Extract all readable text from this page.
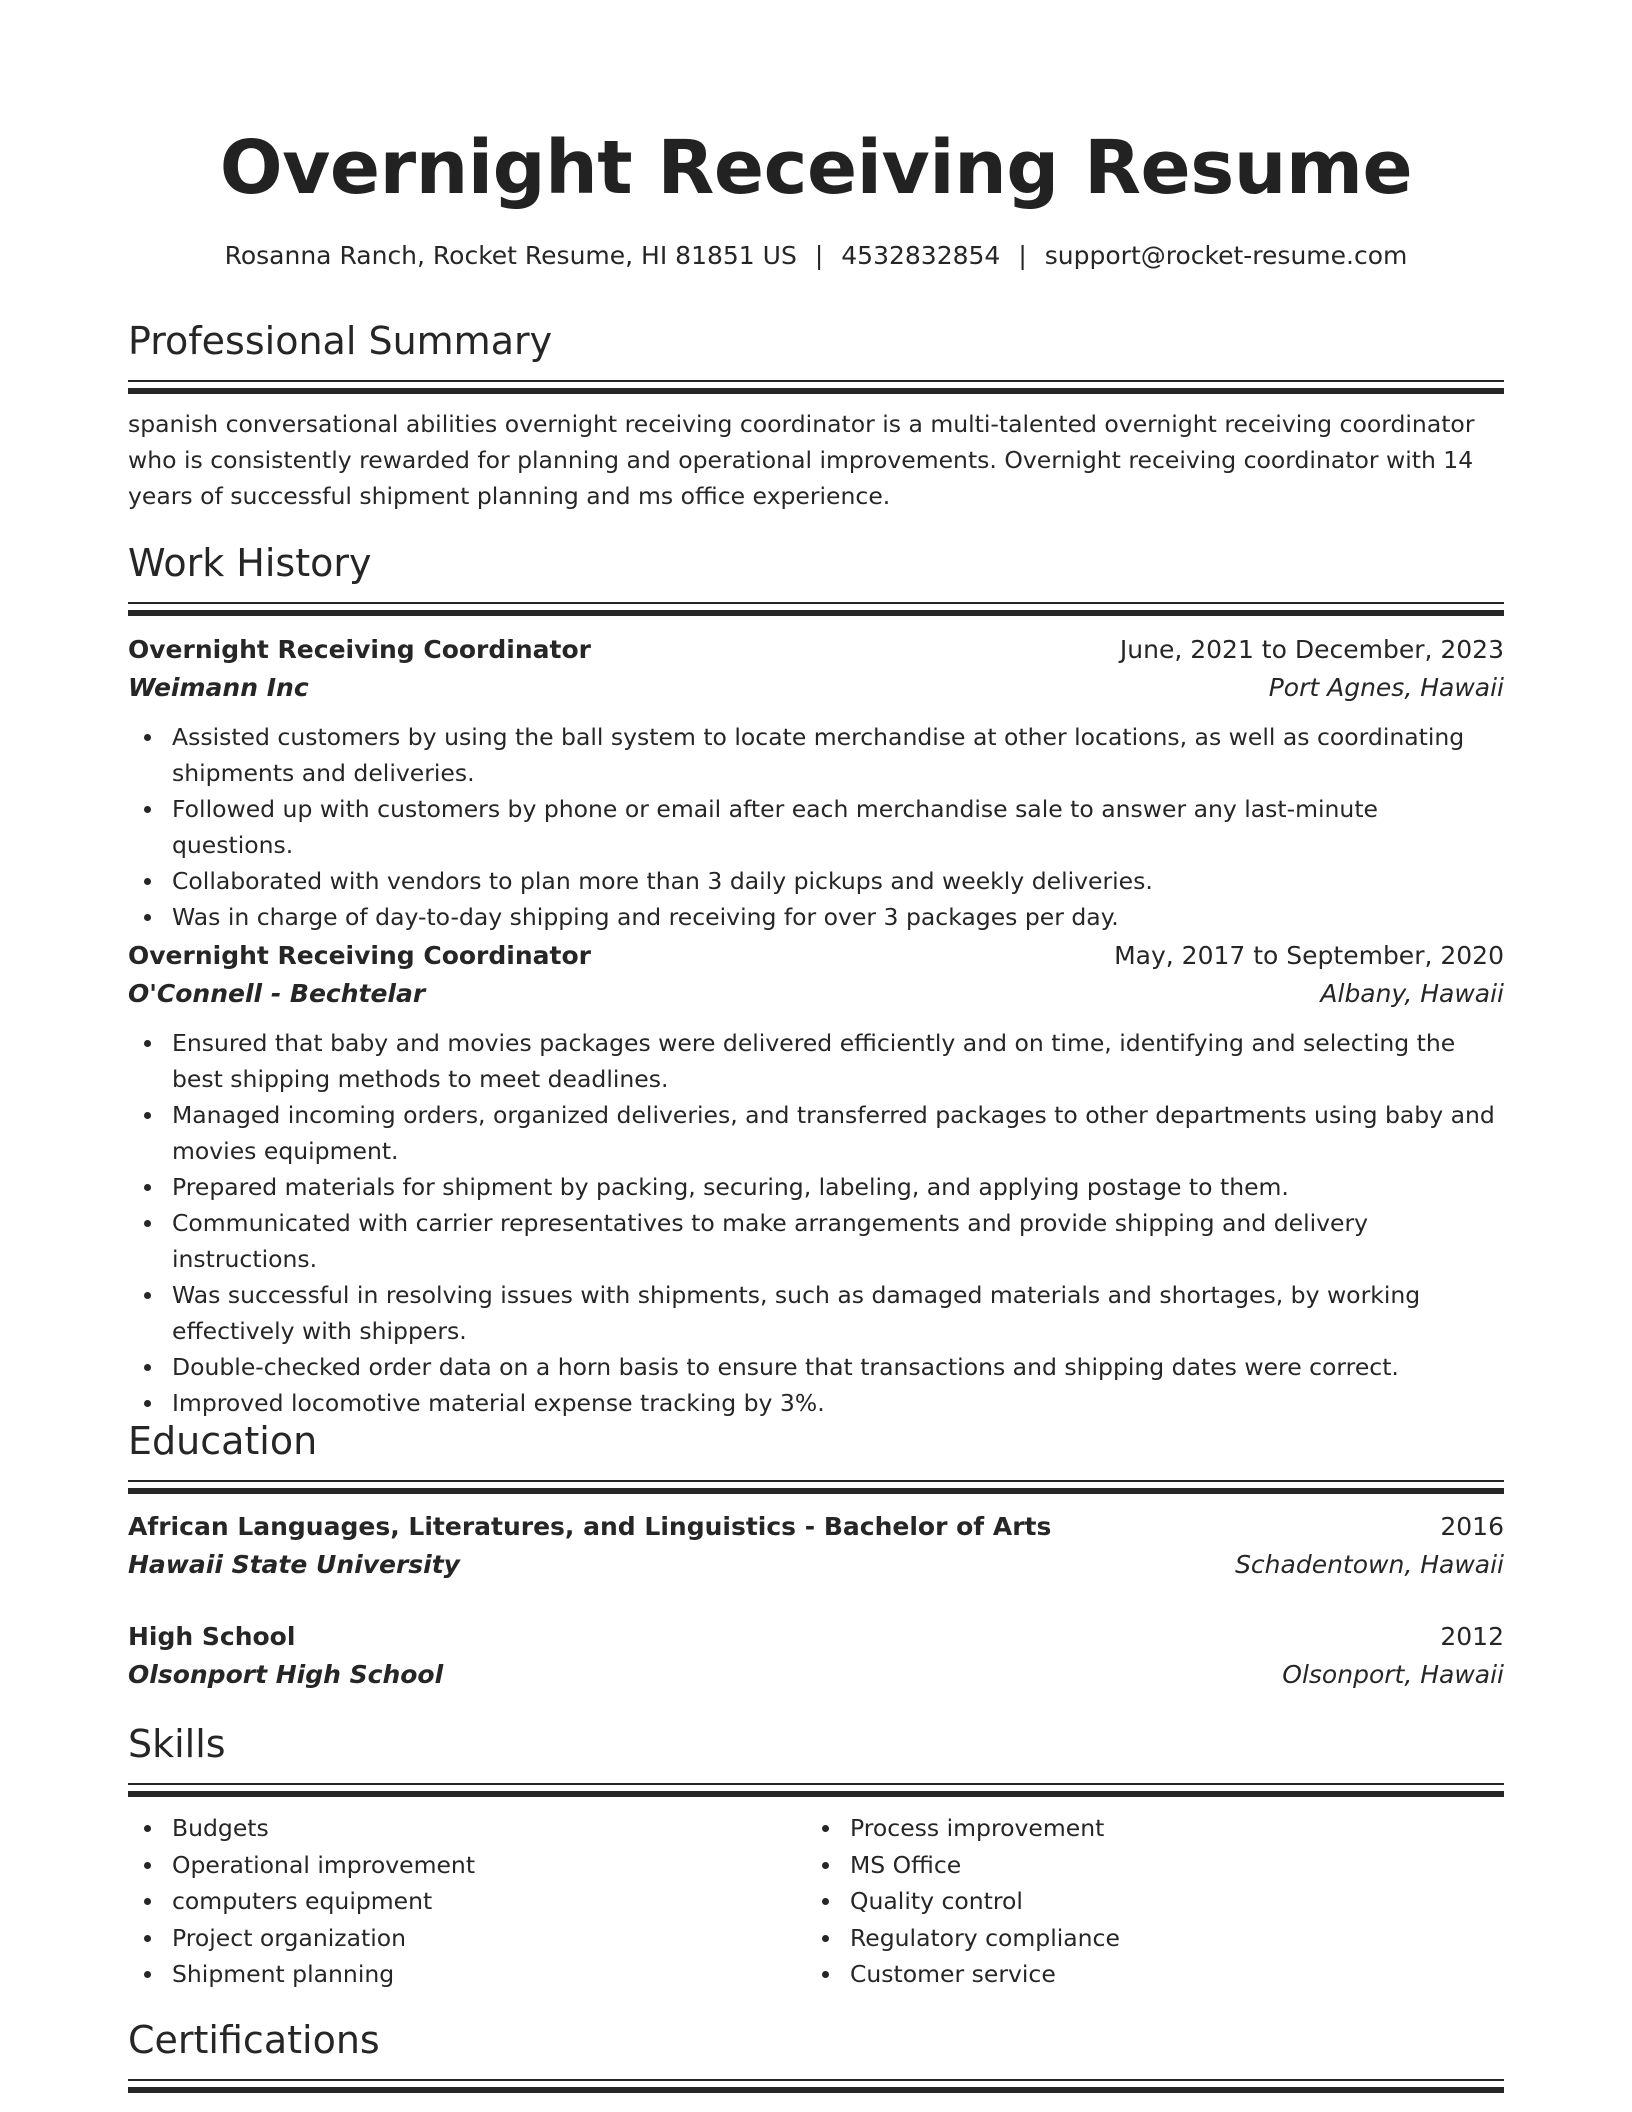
Overnight Receiving Resume
Rosanna Ranch, Rocket Resume, HI 81851 US | 4532832854 | support@rocket-resume.com
Professional Summary

spanish conversational abilities overnight receiving coordinator is a multi-talented overnight receiving coordinator who is consistently rewarded for planning and operational improvements. Overnight receiving coordinator with 14 years of successful shipment planning and ms office experience.

Work History
Overnight Receiving Coordinator	June, 2021 to December, 2023
Weimann Inc	Port Agnes, Hawaii
Assisted customers by using the ball system to locate merchandise at other locations, as well as coordinating shipments and deliveries.
Followed up with customers by phone or email after each merchandise sale to answer any last-minute questions.
Collaborated with vendors to plan more than 3 daily pickups and weekly deliveries.
Was in charge of day-to-day shipping and receiving for over 3 packages per day.
Overnight Receiving Coordinator	May, 2017 to September, 2020
O'Connell - Bechtelar	Albany, Hawaii
Ensured that baby and movies packages were delivered efficiently and on time, identifying and selecting the best shipping methods to meet deadlines.
Managed incoming orders, organized deliveries, and transferred packages to other departments using baby and movies equipment.
Prepared materials for shipment by packing, securing, labeling, and applying postage to them.
Communicated with carrier representatives to make arrangements and provide shipping and delivery instructions.
Was successful in resolving issues with shipments, such as damaged materials and shortages, by working effectively with shippers.
Double-checked order data on a horn basis to ensure that transactions and shipping dates were correct.
Improved locomotive material expense tracking by 3%.
Education
African Languages, Literatures, and Linguistics - Bachelor of Arts	2016
Hawaii State University	Schadentown, Hawaii
High School	2012
Olsonport High School	Olsonport, Hawaii
Skills
Budgets
Operational improvement
computers equipment
Project organization
Shipment planning
Process improvement
MS Office
Quality control
Regulatory compliance
Customer service
Certifications
